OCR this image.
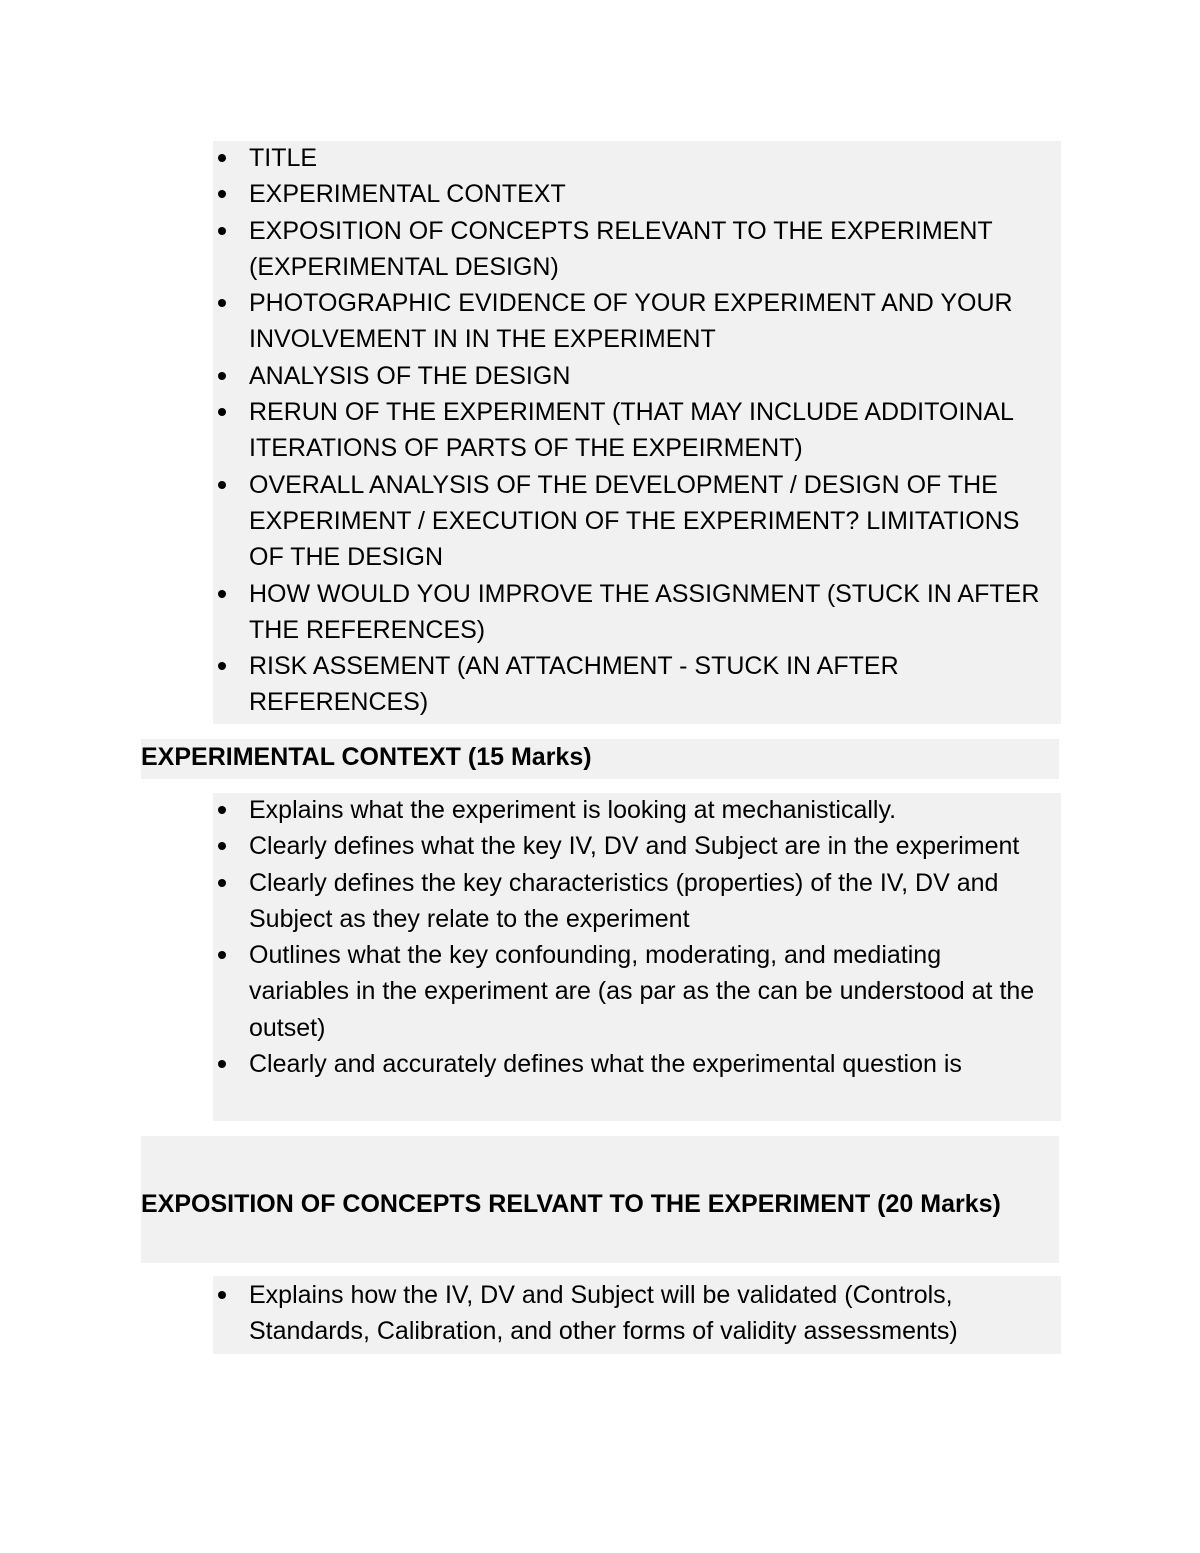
TITLE
EXPERIMENTAL CONTEXT
EXPOSITION OF CONCEPTS RELEVANT TO THE EXPERIMENT (EXPERIMENTAL DESIGN)
PHOTOGRAPHIC EVIDENCE OF YOUR EXPERIMENT AND YOUR INVOLVEMENT IN IN THE EXPERIMENT
ANALYSIS OF THE DESIGN
RERUN OF THE EXPERIMENT (THAT MAY INCLUDE ADDITOINAL ITERATIONS OF PARTS OF THE EXPEIRMENT)
OVERALL ANALYSIS OF THE DEVELOPMENT / DESIGN OF THE EXPERIMENT / EXECUTION OF THE EXPERIMENT? LIMITATIONS OF THE DESIGN
HOW WOULD YOU IMPROVE THE ASSIGNMENT (STUCK IN AFTER THE REFERENCES)
RISK ASSEMENT (AN ATTACHMENT - STUCK IN AFTER REFERENCES)
EXPERIMENTAL CONTEXT (15 Marks)
Explains what the experiment is looking at mechanistically.
Clearly defines what the key IV, DV and Subject are in the experiment
Clearly defines the key characteristics (properties) of the IV, DV and Subject as they relate to the experiment
Outlines what the key confounding, moderating, and mediating variables in the experiment are (as par as the can be understood at the outset)
Clearly and accurately defines what the experimental question is
EXPOSITION OF CONCEPTS RELVANT TO THE EXPERIMENT (20 Marks)
Explains how the IV, DV and Subject will be validated (Controls, Standards, Calibration, and other forms of validity assessments)
